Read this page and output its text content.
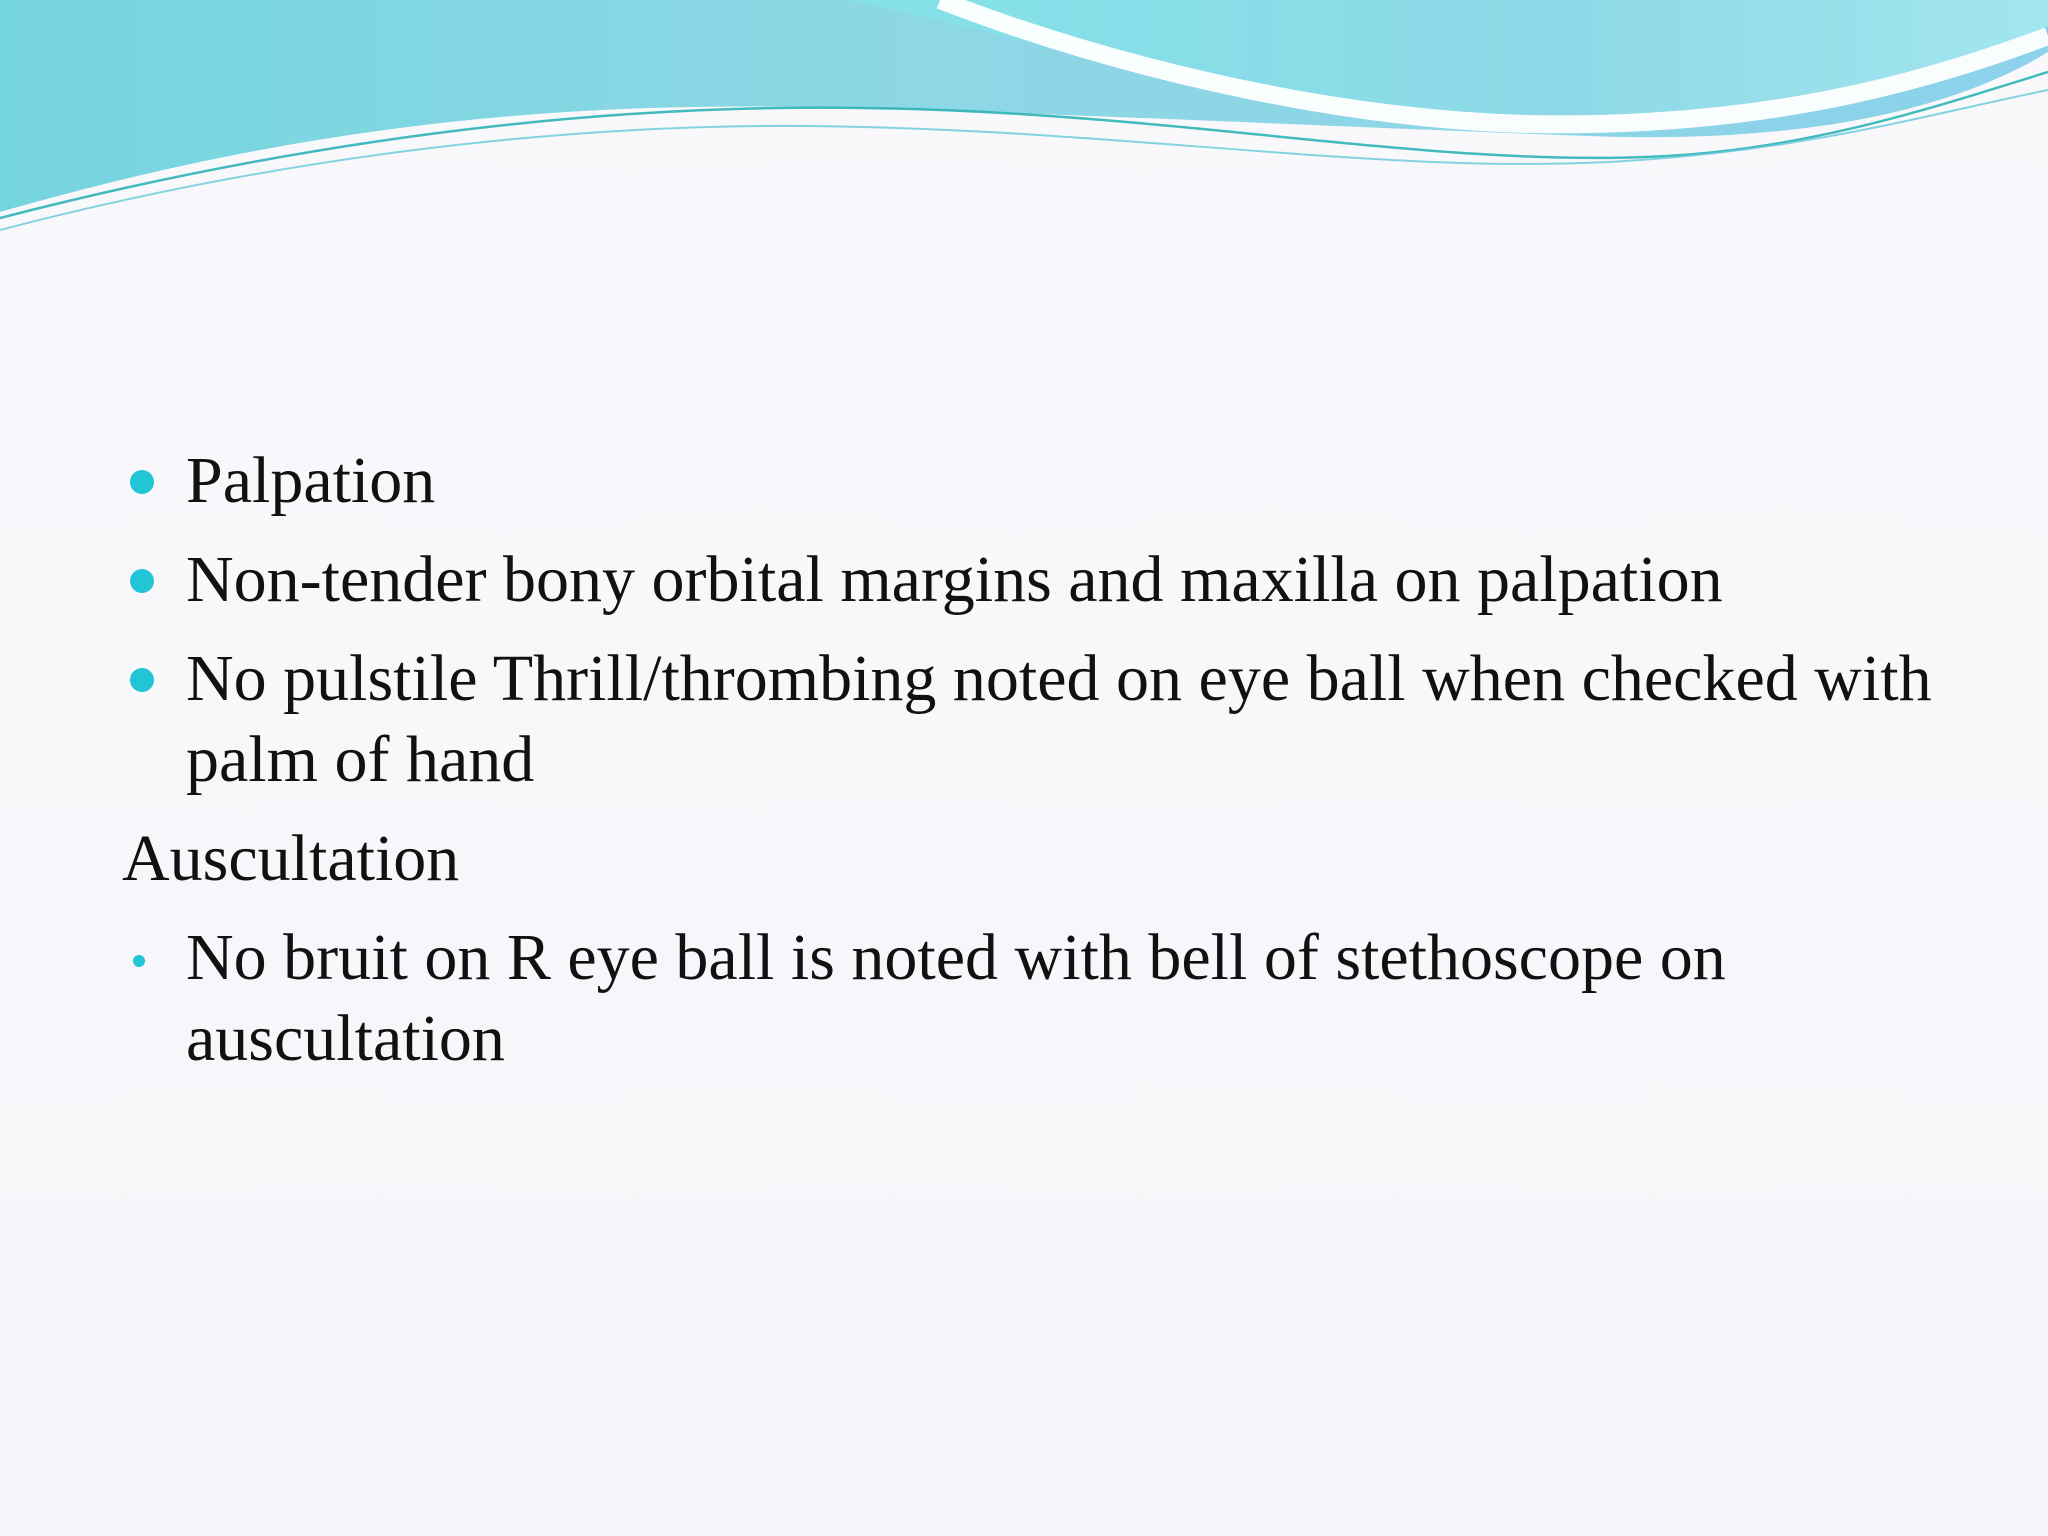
Palpation
Non-tender bony orbital margins and maxilla on palpation
No pulstile Thrill/thrombing noted on eye ball when checked with palm of hand
Auscultation
No bruit on R eye ball is noted with bell of stethoscope on auscultation
